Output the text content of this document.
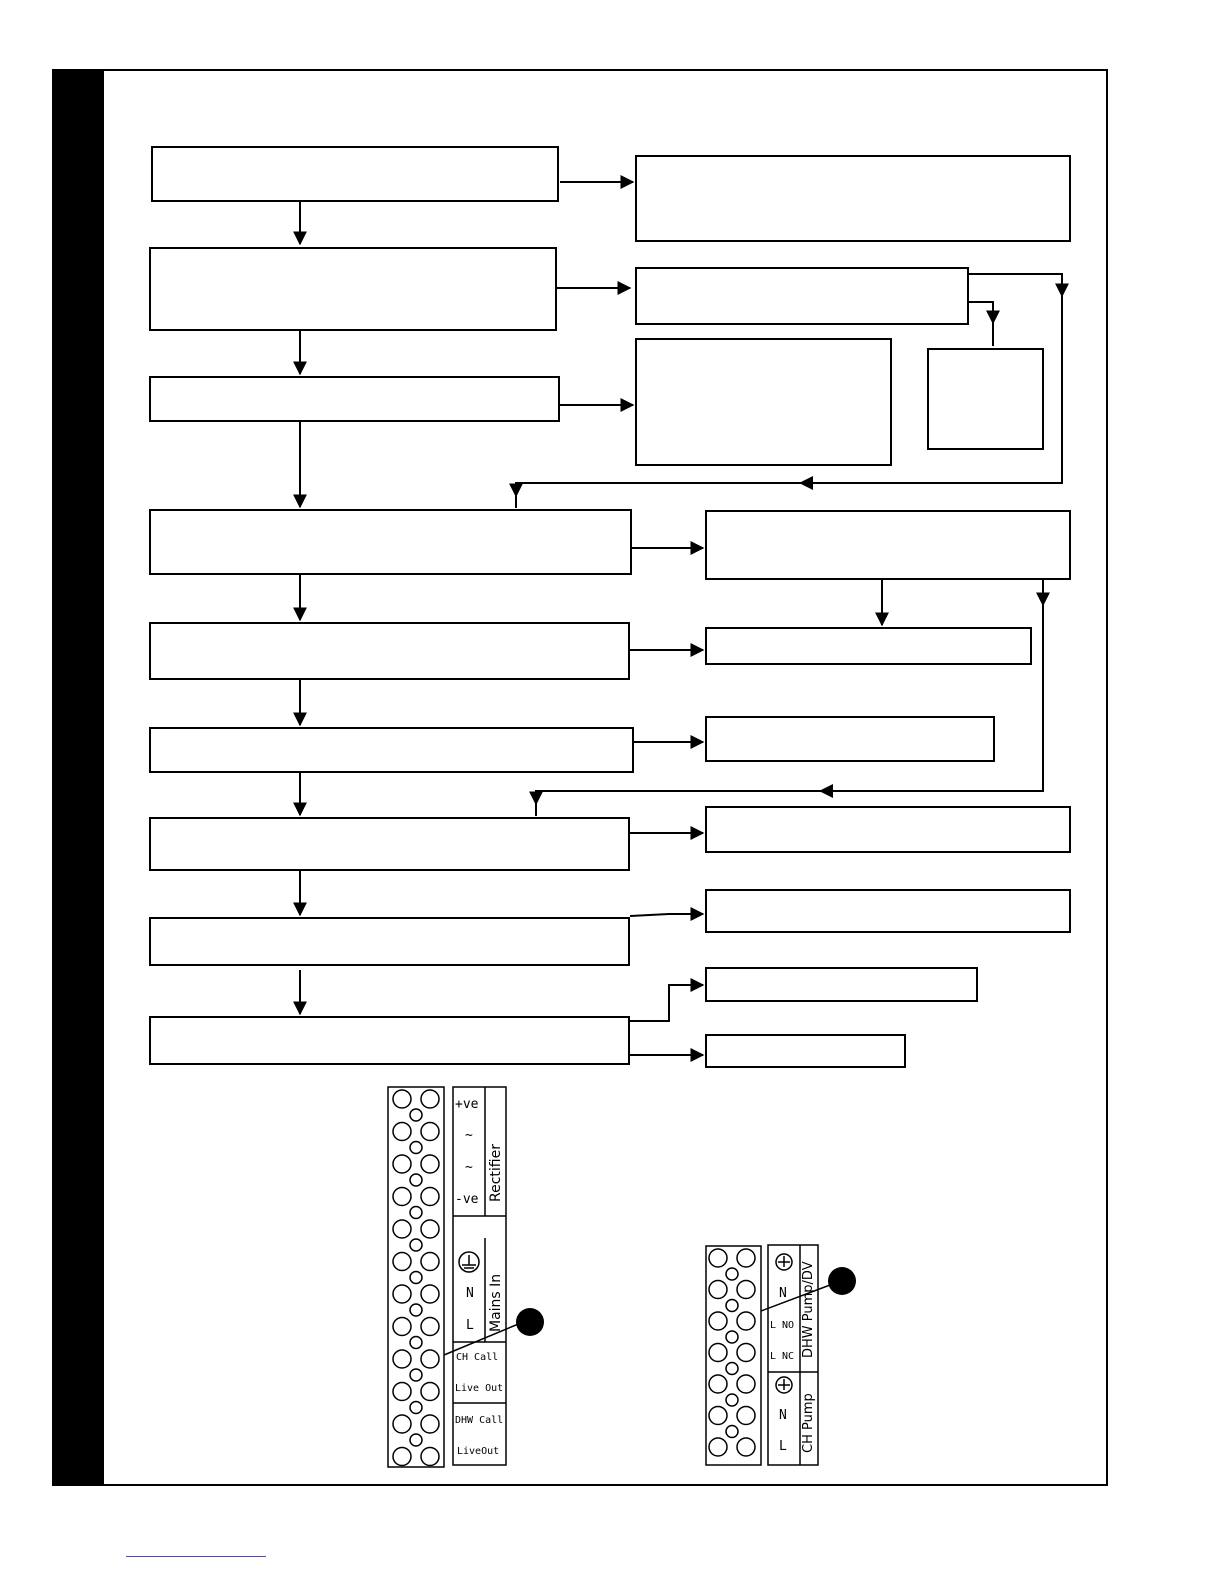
Rectifier
+ve
~
~
-ve
Mains In
N
L
CH Call
Live Out
DHW Call
LiveOut
DHW Pump/DV
N
L NO
L NC
CH Pump
N
L
